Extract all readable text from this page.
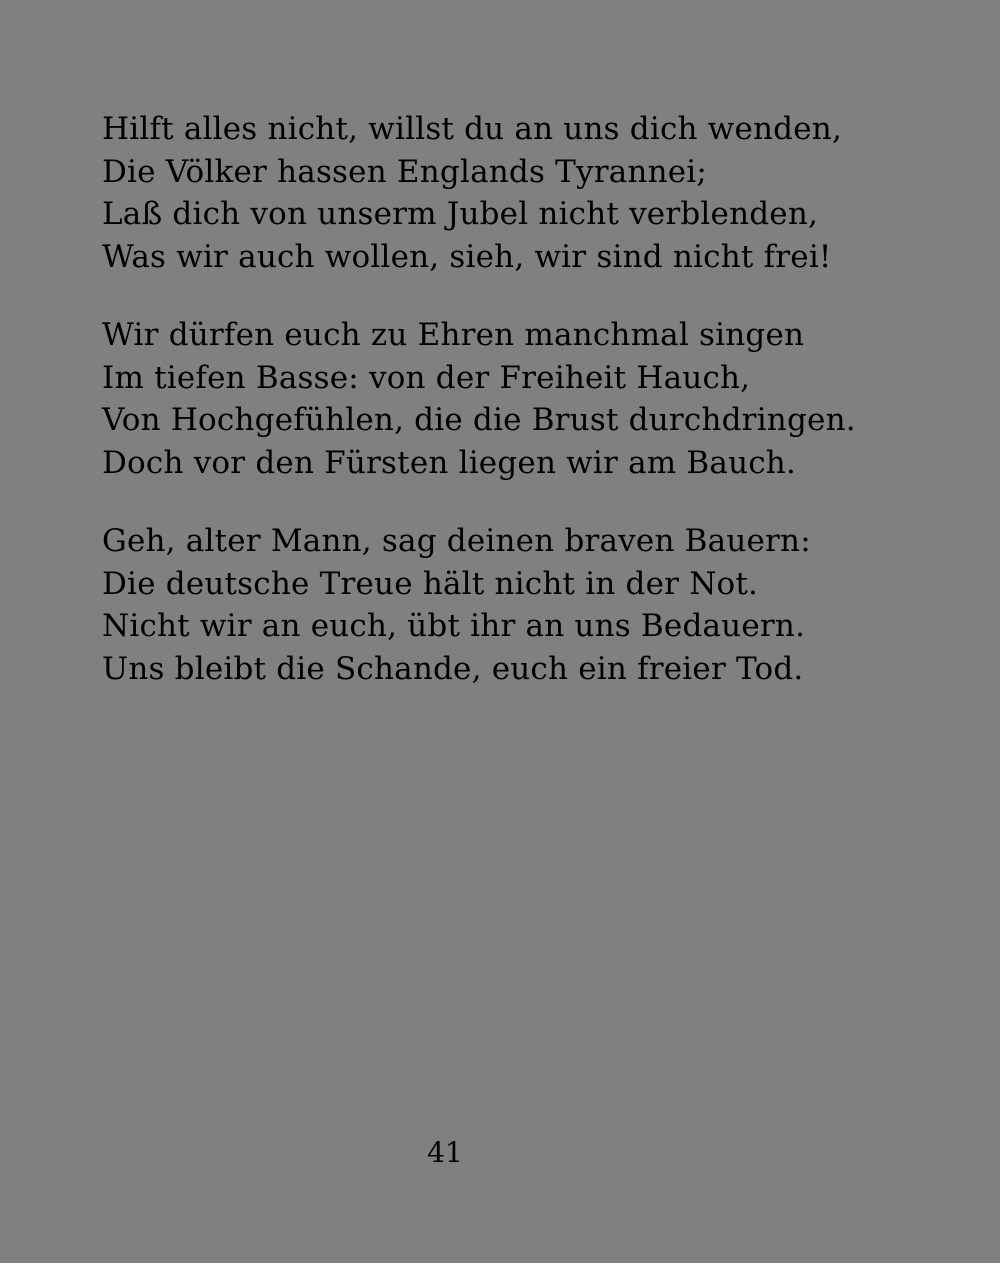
Hilft alles nicht, willst du an uns dich wenden,
Die Völker hassen Englands Tyrannei;
Laß dich von unserm Jubel nicht verblenden,
Was wir auch wollen, sieh, wir sind nicht frei!
Wir dürfen euch zu Ehren manchmal singen
Im tiefen Basse: von der Freiheit Hauch,
Von Hochgefühlen, die die Brust durchdringen.
Doch vor den Fürsten liegen wir am Bauch.
Geh, alter Mann, sag deinen braven Bauern:
Die deutsche Treue hält nicht in der Not.
Nicht wir an euch, übt ihr an uns Bedauern.
Uns bleibt die Schande, euch ein freier Tod.
41
